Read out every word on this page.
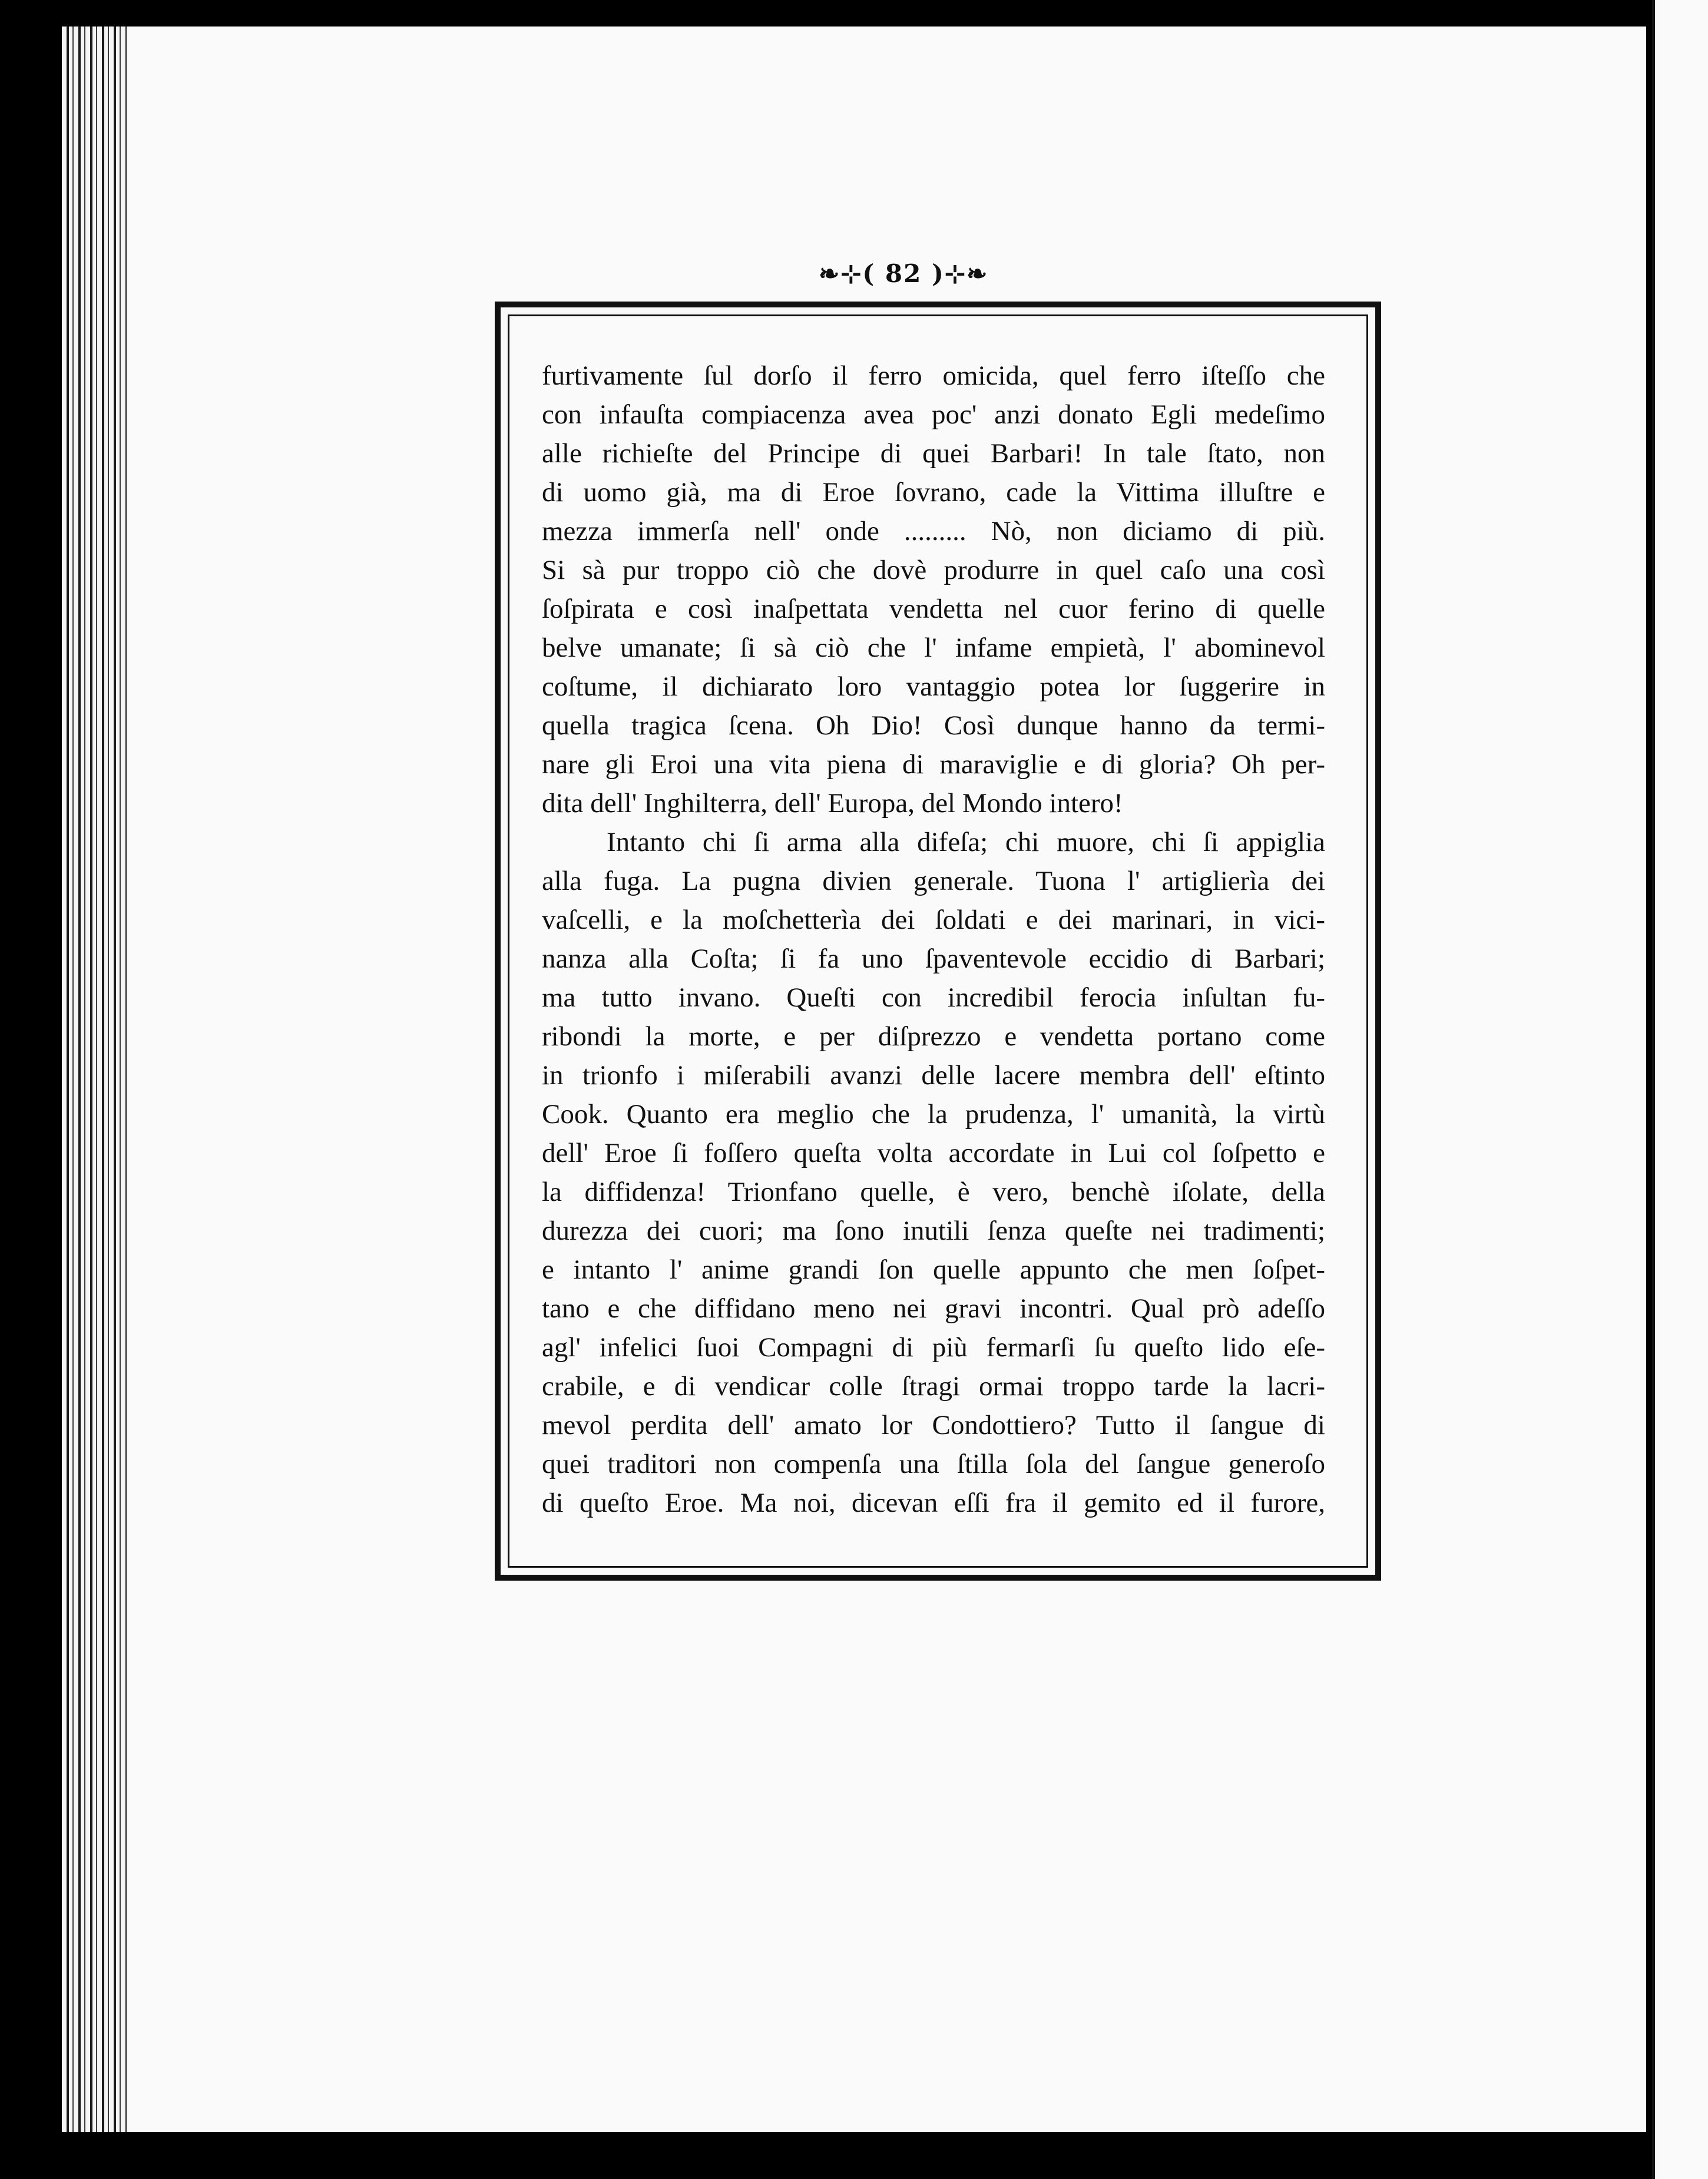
❧⊹( 82 )⊹❧
furtivamente ſul dorſo il ferro omicida, quel ferro iſteſſo che
con infauſta compiacenza avea poc' anzi donato Egli medeſimo
alle richieſte del Principe di quei Barbari! In tale ſtato, non
di uomo già, ma di Eroe ſovrano, cade la Vittima illuſtre e
mezza immerſa nell' onde ......... Nò, non diciamo di più.
Si sà pur troppo ciò che dovè produrre in quel caſo una così
ſoſpirata e così inaſpettata vendetta nel cuor ferino di quelle
belve umanate; ſi sà ciò che l' infame empietà, l' abominevol
coſtume, il dichiarato loro vantaggio potea lor ſuggerire in
quella tragica ſcena. Oh Dio! Così dunque hanno da termi-
nare gli Eroi una vita piena di maraviglie e di gloria? Oh per-
dita dell' Inghilterra, dell' Europa, del Mondo intero!
Intanto chi ſi arma alla difeſa; chi muore, chi ſi appiglia
alla fuga. La pugna divien generale. Tuona l' artiglierìa dei
vaſcelli, e la moſchetterìa dei ſoldati e dei marinari, in vici-
nanza alla Coſta; ſi fa uno ſpaventevole eccidio di Barbari;
ma tutto invano. Queſti con incredibil ferocia inſultan fu-
ribondi la morte, e per diſprezzo e vendetta portano come
in trionfo i miſerabili avanzi delle lacere membra dell' eſtinto
Cook. Quanto era meglio che la prudenza, l' umanità, la virtù
dell' Eroe ſi foſſero queſta volta accordate in Lui col ſoſpetto e
la diffidenza! Trionfano quelle, è vero, benchè iſolate, della
durezza dei cuori; ma ſono inutili ſenza queſte nei tradimenti;
e intanto l' anime grandi ſon quelle appunto che men ſoſpet-
tano e che diffidano meno nei gravi incontri. Qual prò adeſſo
agl' infelici ſuoi Compagni di più fermarſi ſu queſto lido eſe-
crabile, e di vendicar colle ſtragi ormai troppo tarde la lacri-
mevol perdita dell' amato lor Condottiero? Tutto il ſangue di
quei traditori non compenſa una ſtilla ſola del ſangue generoſo
di queſto Eroe. Ma noi, dicevan eſſi fra il gemito ed il furore,
